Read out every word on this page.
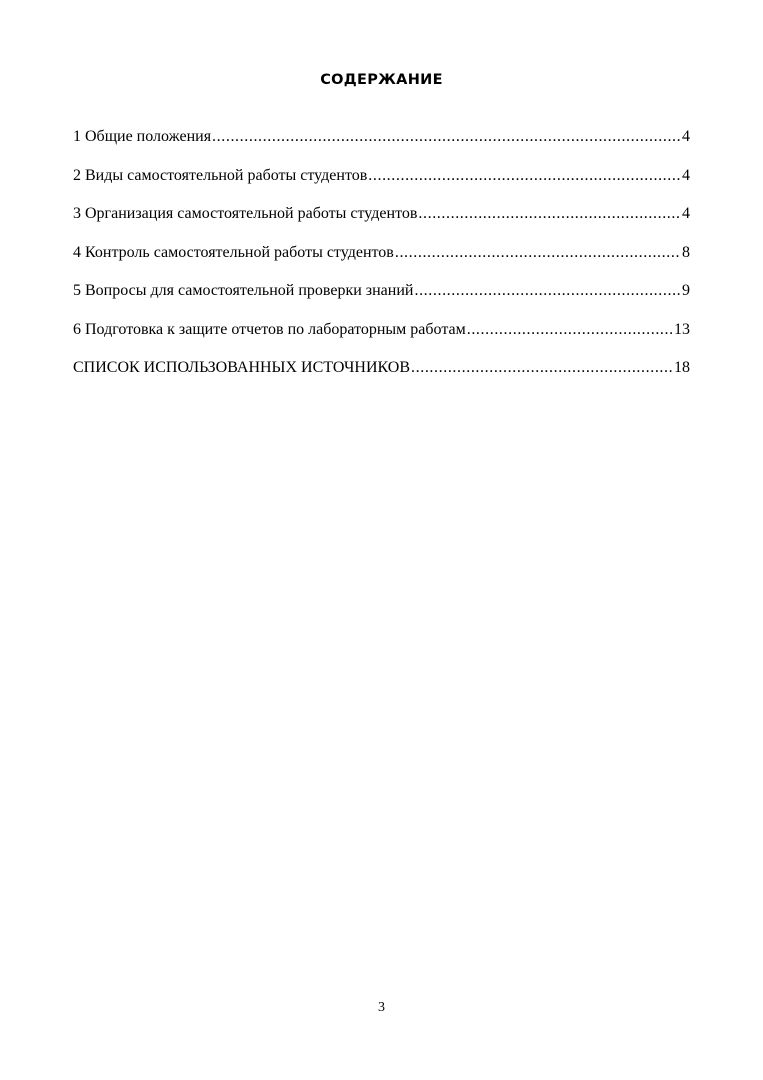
СОДЕРЖАНИЕ
1 Общие положения .....	4
2 Виды самостоятельной работы студентов .....	4
3 Организация самостоятельной работы студентов .....	4
4 Контроль самостоятельной работы студентов .....	8
5 Вопросы для самостоятельной проверки знаний .....	9
6 Подготовка к защите отчетов по лабораторным работам .....	13
СПИСОК ИСПОЛЬЗОВАННЫХ ИСТОЧНИКОВ .....	18
3
